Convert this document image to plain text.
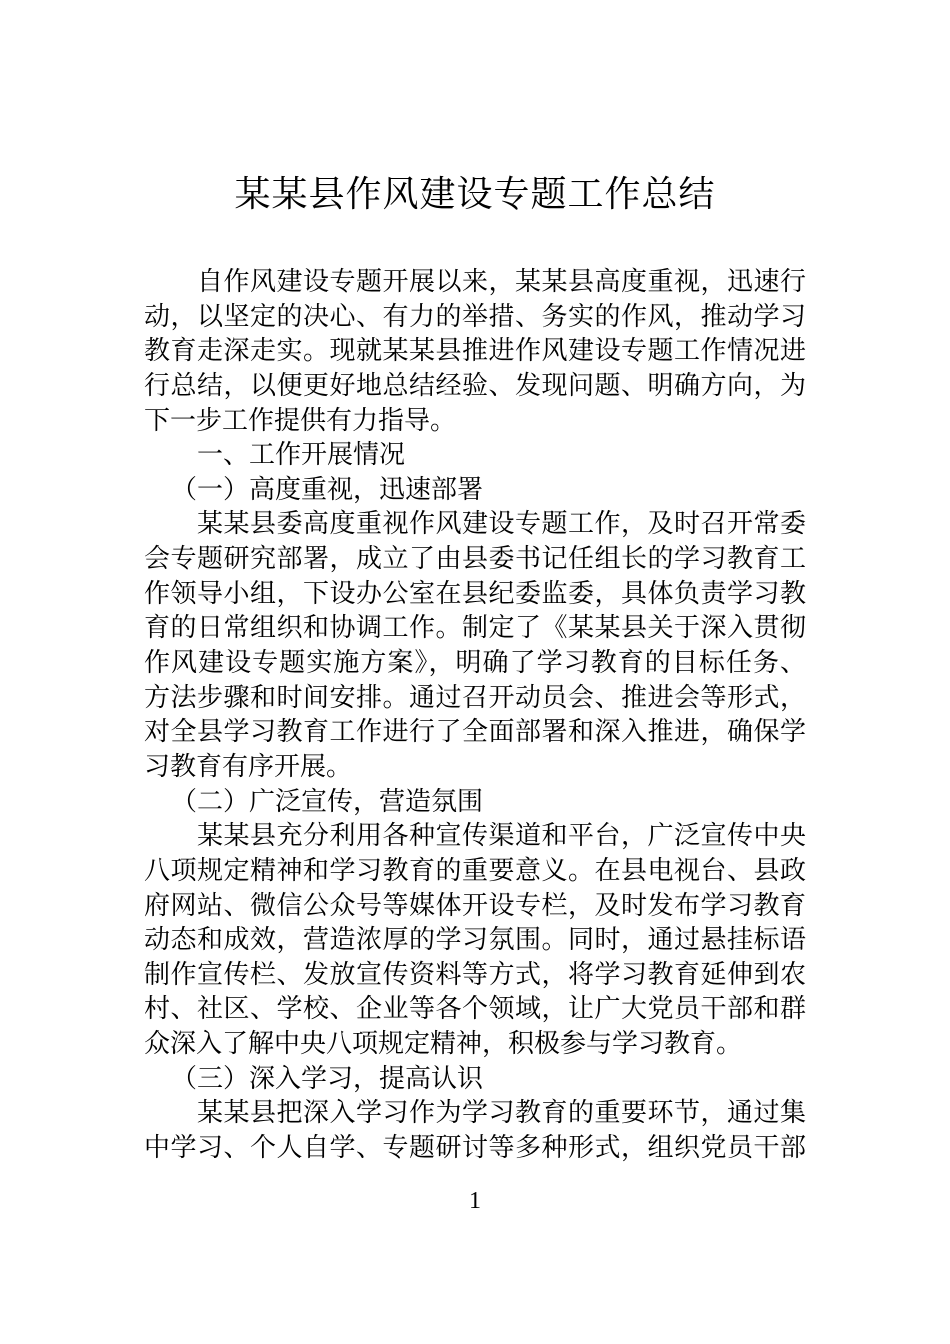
某某县作风建设专题工作总结
自作风建设专题开展以来，某某县高度重视，迅速行
动，以坚定的决心、有力的举措、务实的作风，推动学习
教育走深走实。现就某某县推进作风建设专题工作情况进
行总结，以便更好地总结经验、发现问题、明确方向，为
下一步工作提供有力指导。
一、工作开展情况
（一）高度重视，迅速部署
某某县委高度重视作风建设专题工作，及时召开常委
会专题研究部署，成立了由县委书记任组长的学习教育工
作领导小组，下设办公室在县纪委监委，具体负责学习教
育的日常组织和协调工作。制定了《某某县关于深入贯彻
作风建设专题实施方案》，明确了学习教育的目标任务、
方法步骤和时间安排。通过召开动员会、推进会等形式，
对全县学习教育工作进行了全面部署和深入推进，确保学
习教育有序开展。
（二）广泛宣传，营造氛围
某某县充分利用各种宣传渠道和平台，广泛宣传中央
八项规定精神和学习教育的重要意义。在县电视台、县政
府网站、微信公众号等媒体开设专栏，及时发布学习教育
动态和成效，营造浓厚的学习氛围。同时，通过悬挂标语
制作宣传栏、发放宣传资料等方式，将学习教育延伸到农
村、社区、学校、企业等各个领域，让广大党员干部和群
众深入了解中央八项规定精神，积极参与学习教育。
（三）深入学习，提高认识
某某县把深入学习作为学习教育的重要环节，通过集
中学习、个人自学、专题研讨等多种形式，组织党员干部
1
